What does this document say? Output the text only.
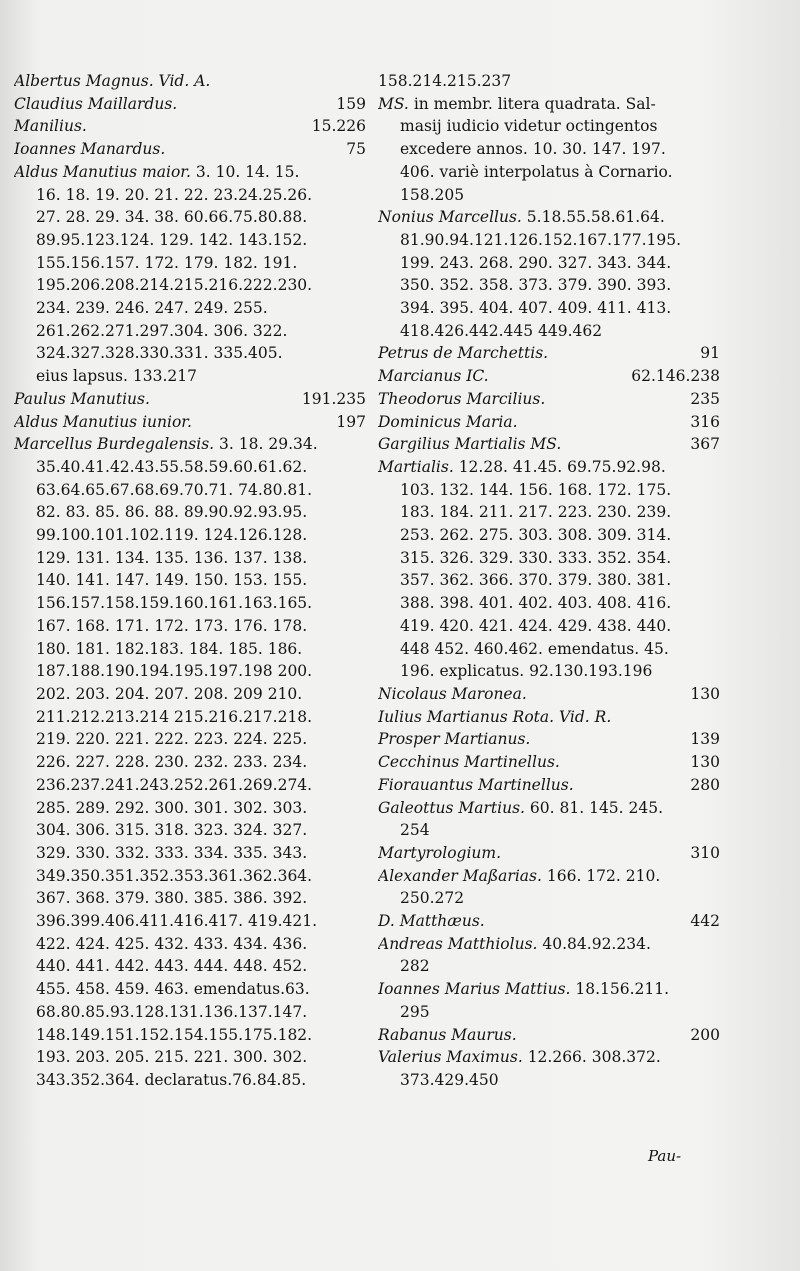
Albertus Magnus. Vid. A.
159
Claudius Maillardus.
15.226
Manilius.
75
Ioannes Manardus.
Aldus Manutius maior. 3. 10. 14. 15.
16. 18. 19. 20. 21. 22. 23.24.25.26.
27. 28. 29. 34. 38. 60.66.75.80.88.
89.95.123.124. 129. 142. 143.152.
155.156.157. 172. 179. 182. 191.
195.206.208.214.215.216.222.230.
234. 239. 246. 247. 249. 255.
261.262.271.297.304. 306. 322.
324.327.328.330.331. 335.405.
eius lapsus. 133.217
191.235
Paulus Manutius.
197
Aldus Manutius iunior.
Marcellus Burdegalensis. 3. 18. 29.34.
35.40.41.42.43.55.58.59.60.61.62.
63.64.65.67.68.69.70.71. 74.80.81.
82. 83. 85. 86. 88. 89.90.92.93.95.
99.100.101.102.119. 124.126.128.
129. 131. 134. 135. 136. 137. 138.
140. 141. 147. 149. 150. 153. 155.
156.157.158.159.160.161.163.165.
167. 168. 171. 172. 173. 176. 178.
180. 181. 182.183. 184. 185. 186.
187.188.190.194.195.197.198 200.
202. 203. 204. 207. 208. 209 210.
211.212.213.214 215.216.217.218.
219. 220. 221. 222. 223. 224. 225.
226. 227. 228. 230. 232. 233. 234.
236.237.241.243.252.261.269.274.
285. 289. 292. 300. 301. 302. 303.
304. 306. 315. 318. 323. 324. 327.
329. 330. 332. 333. 334. 335. 343.
349.350.351.352.353.361.362.364.
367. 368. 379. 380. 385. 386. 392.
396.399.406.411.416.417. 419.421.
422. 424. 425. 432. 433. 434. 436.
440. 441. 442. 443. 444. 448. 452.
455. 458. 459. 463. emendatus.63.
68.80.85.93.128.131.136.137.147.
148.149.151.152.154.155.175.182.
193. 203. 205. 215. 221. 300. 302.
343.352.364. declaratus.76.84.85.
158.214.215.237
MS. in membr. litera quadrata. Sal-
masij iudicio videtur octingentos
excedere annos. 10. 30. 147. 197.
406. variè interpolatus à Cornario.
158.205
Nonius Marcellus. 5.18.55.58.61.64.
81.90.94.121.126.152.167.177.195.
199. 243. 268. 290. 327. 343. 344.
350. 352. 358. 373. 379. 390. 393.
394. 395. 404. 407. 409. 411. 413.
418.426.442.445 449.462
91
Petrus de Marchettis.
62.146.238
Marcianus IC.
235
Theodorus Marcilius.
316
Dominicus Maria.
367
Gargilius Martialis MS.
Martialis. 12.28. 41.45. 69.75.92.98.
103. 132. 144. 156. 168. 172. 175.
183. 184. 211. 217. 223. 230. 239.
253. 262. 275. 303. 308. 309. 314.
315. 326. 329. 330. 333. 352. 354.
357. 362. 366. 370. 379. 380. 381.
388. 398. 401. 402. 403. 408. 416.
419. 420. 421. 424. 429. 438. 440.
448 452. 460.462. emendatus. 45.
196. explicatus. 92.130.193.196
130
Nicolaus Maronea.
Iulius Martianus Rota. Vid. R.
139
Prosper Martianus.
130
Cecchinus Martinellus.
280
Fiorauantus Martinellus.
Galeottus Martius. 60. 81. 145. 245.
254
310
Martyrologium.
Alexander Maßarias. 166. 172. 210.
250.272
442
D. Matthæus.
Andreas Matthiolus. 40.84.92.234.
282
Ioannes Marius Mattius. 18.156.211.
295
200
Rabanus Maurus.
Valerius Maximus. 12.266. 308.372.
373.429.450
Pau-
